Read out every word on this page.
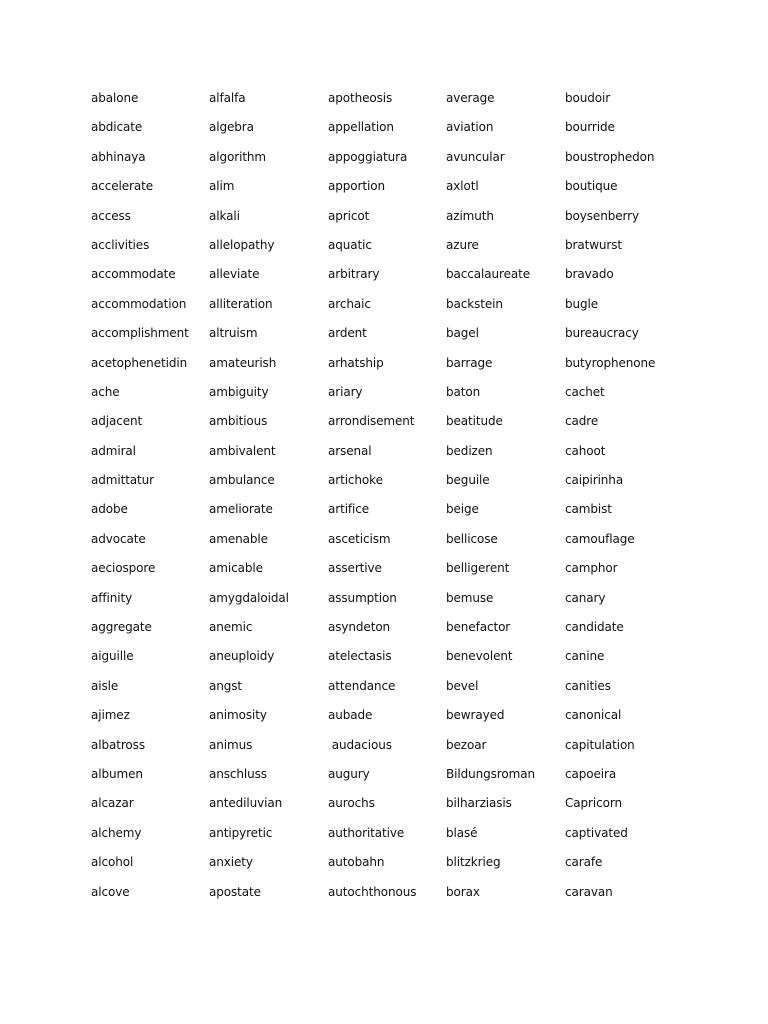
abalone
abdicate
abhinaya
accelerate
access
acclivities
accommodate
accommodation
accomplishment
acetophenetidin
ache
adjacent
admiral
admittatur
adobe
advocate
aeciospore
affinity
aggregate
aiguille
aisle
ajimez
albatross
albumen
alcazar
alchemy
alcohol
alcove
alfalfa
algebra
algorithm
alim
alkali
allelopathy
alleviate
alliteration
altruism
amateurish
ambiguity
ambitious
ambivalent
ambulance
ameliorate
amenable
amicable
amygdaloidal
anemic
aneuploidy
angst
animosity
animus
anschluss
antediluvian
antipyretic
anxiety
apostate
apotheosis
appellation
appoggiatura
apportion
apricot
aquatic
arbitrary
archaic
ardent
arhatship
ariary
arrondisement
arsenal
artichoke
artifice
asceticism
assertive
assumption
asyndeton
atelectasis
attendance
aubade
audacious
augury
aurochs
authoritative
autobahn
autochthonous
average
aviation
avuncular
axlotl
azimuth
azure
baccalaureate
backstein
bagel
barrage
baton
beatitude
bedizen
beguile
beige
bellicose
belligerent
bemuse
benefactor
benevolent
bevel
bewrayed
bezoar
Bildungsroman
bilharziasis
blasé
blitzkrieg
borax
boudoir
bourride
boustrophedon
boutique
boysenberry
bratwurst
bravado
bugle
bureaucracy
butyrophenone
cachet
cadre
cahoot
caipirinha
cambist
camouflage
camphor
canary
candidate
canine
canities
canonical
capitulation
capoeira
Capricorn
captivated
carafe
caravan
